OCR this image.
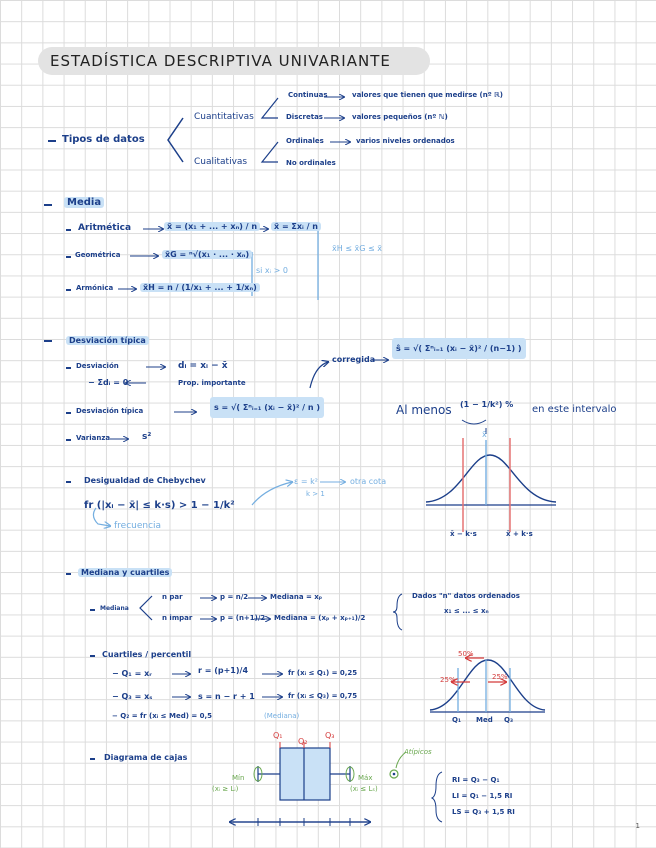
ESTADÍSTICA DESCRIPTIVA UNIVARIANTE
Tipos de datos
Cuantitativas
Cualitativas
Continuas	valores que tienen que medirse (nº ℝ)
Discretas	valores pequeños (nº ℕ)
Ordinales	varios niveles ordenados
No ordinales
Media
Aritmética	x̄ = (x₁ + ... + xₙ) / n	x̄ = Σxᵢ / n
Geométrica	x̄G = ⁿ√(x₁ · ... · xₙ)
Armónica	x̄H = n / (1/x₁ + ... + 1/xₙ)
si xᵢ > 0
x̄H ≤ x̄G ≤ x̄
Desviación típica
Desviación	dᵢ = xᵢ − x̄
− Σdᵢ = 0	Prop. importante
corregida
ŝ = √( Σⁿᵢ₌₁ (xᵢ − x̄)² / (n−1) )
Desviación típica	s = √( Σⁿᵢ₌₁ (xᵢ − x̄)² / n )	Al menos (1 − 1/k²) % en este intervalo
Varianza	s²
Desigualdad de Chebychev
fr (|xᵢ − x̄| ≤ k·s) > 1 − 1/k²
frecuencia
ε = k²	otra cota
k > 1
x̄
x̄ − k·s	x̄ + k·s
Mediana y cuartiles
Mediana
n par	p = n/2	Mediana = xₚ
n impar	p = (n+1)/2 Mediana = (xₚ + xₚ₊₁)/2
Dados "n" datos ordenados
x₁ ≤ ... ≤ xₙ
Cuartiles / percentil
− Q₁ = xᵣ	r = (p+1)/4	fr (xᵢ ≤ Q₁) = 0,25
− Q₃ = xₛ	s = n − r + 1	fr (xᵢ ≤ Q₃) = 0,75
− Q₂ = fr (xᵢ ≤ Med) = 0,5	(Mediana)
50%
25%	25%
Q₁ Med Q₃
Diagrama de cajas
Q₁
Q₂
Q₃
Atípicos
Mín
(xᵢ ≥ Lᵢ)
Máx
(xᵢ ≤ Lₛ)
RI = Q₃ − Q₁
LI = Q₁ − 1,5 RI
LS = Q₃ + 1,5 RI
1
